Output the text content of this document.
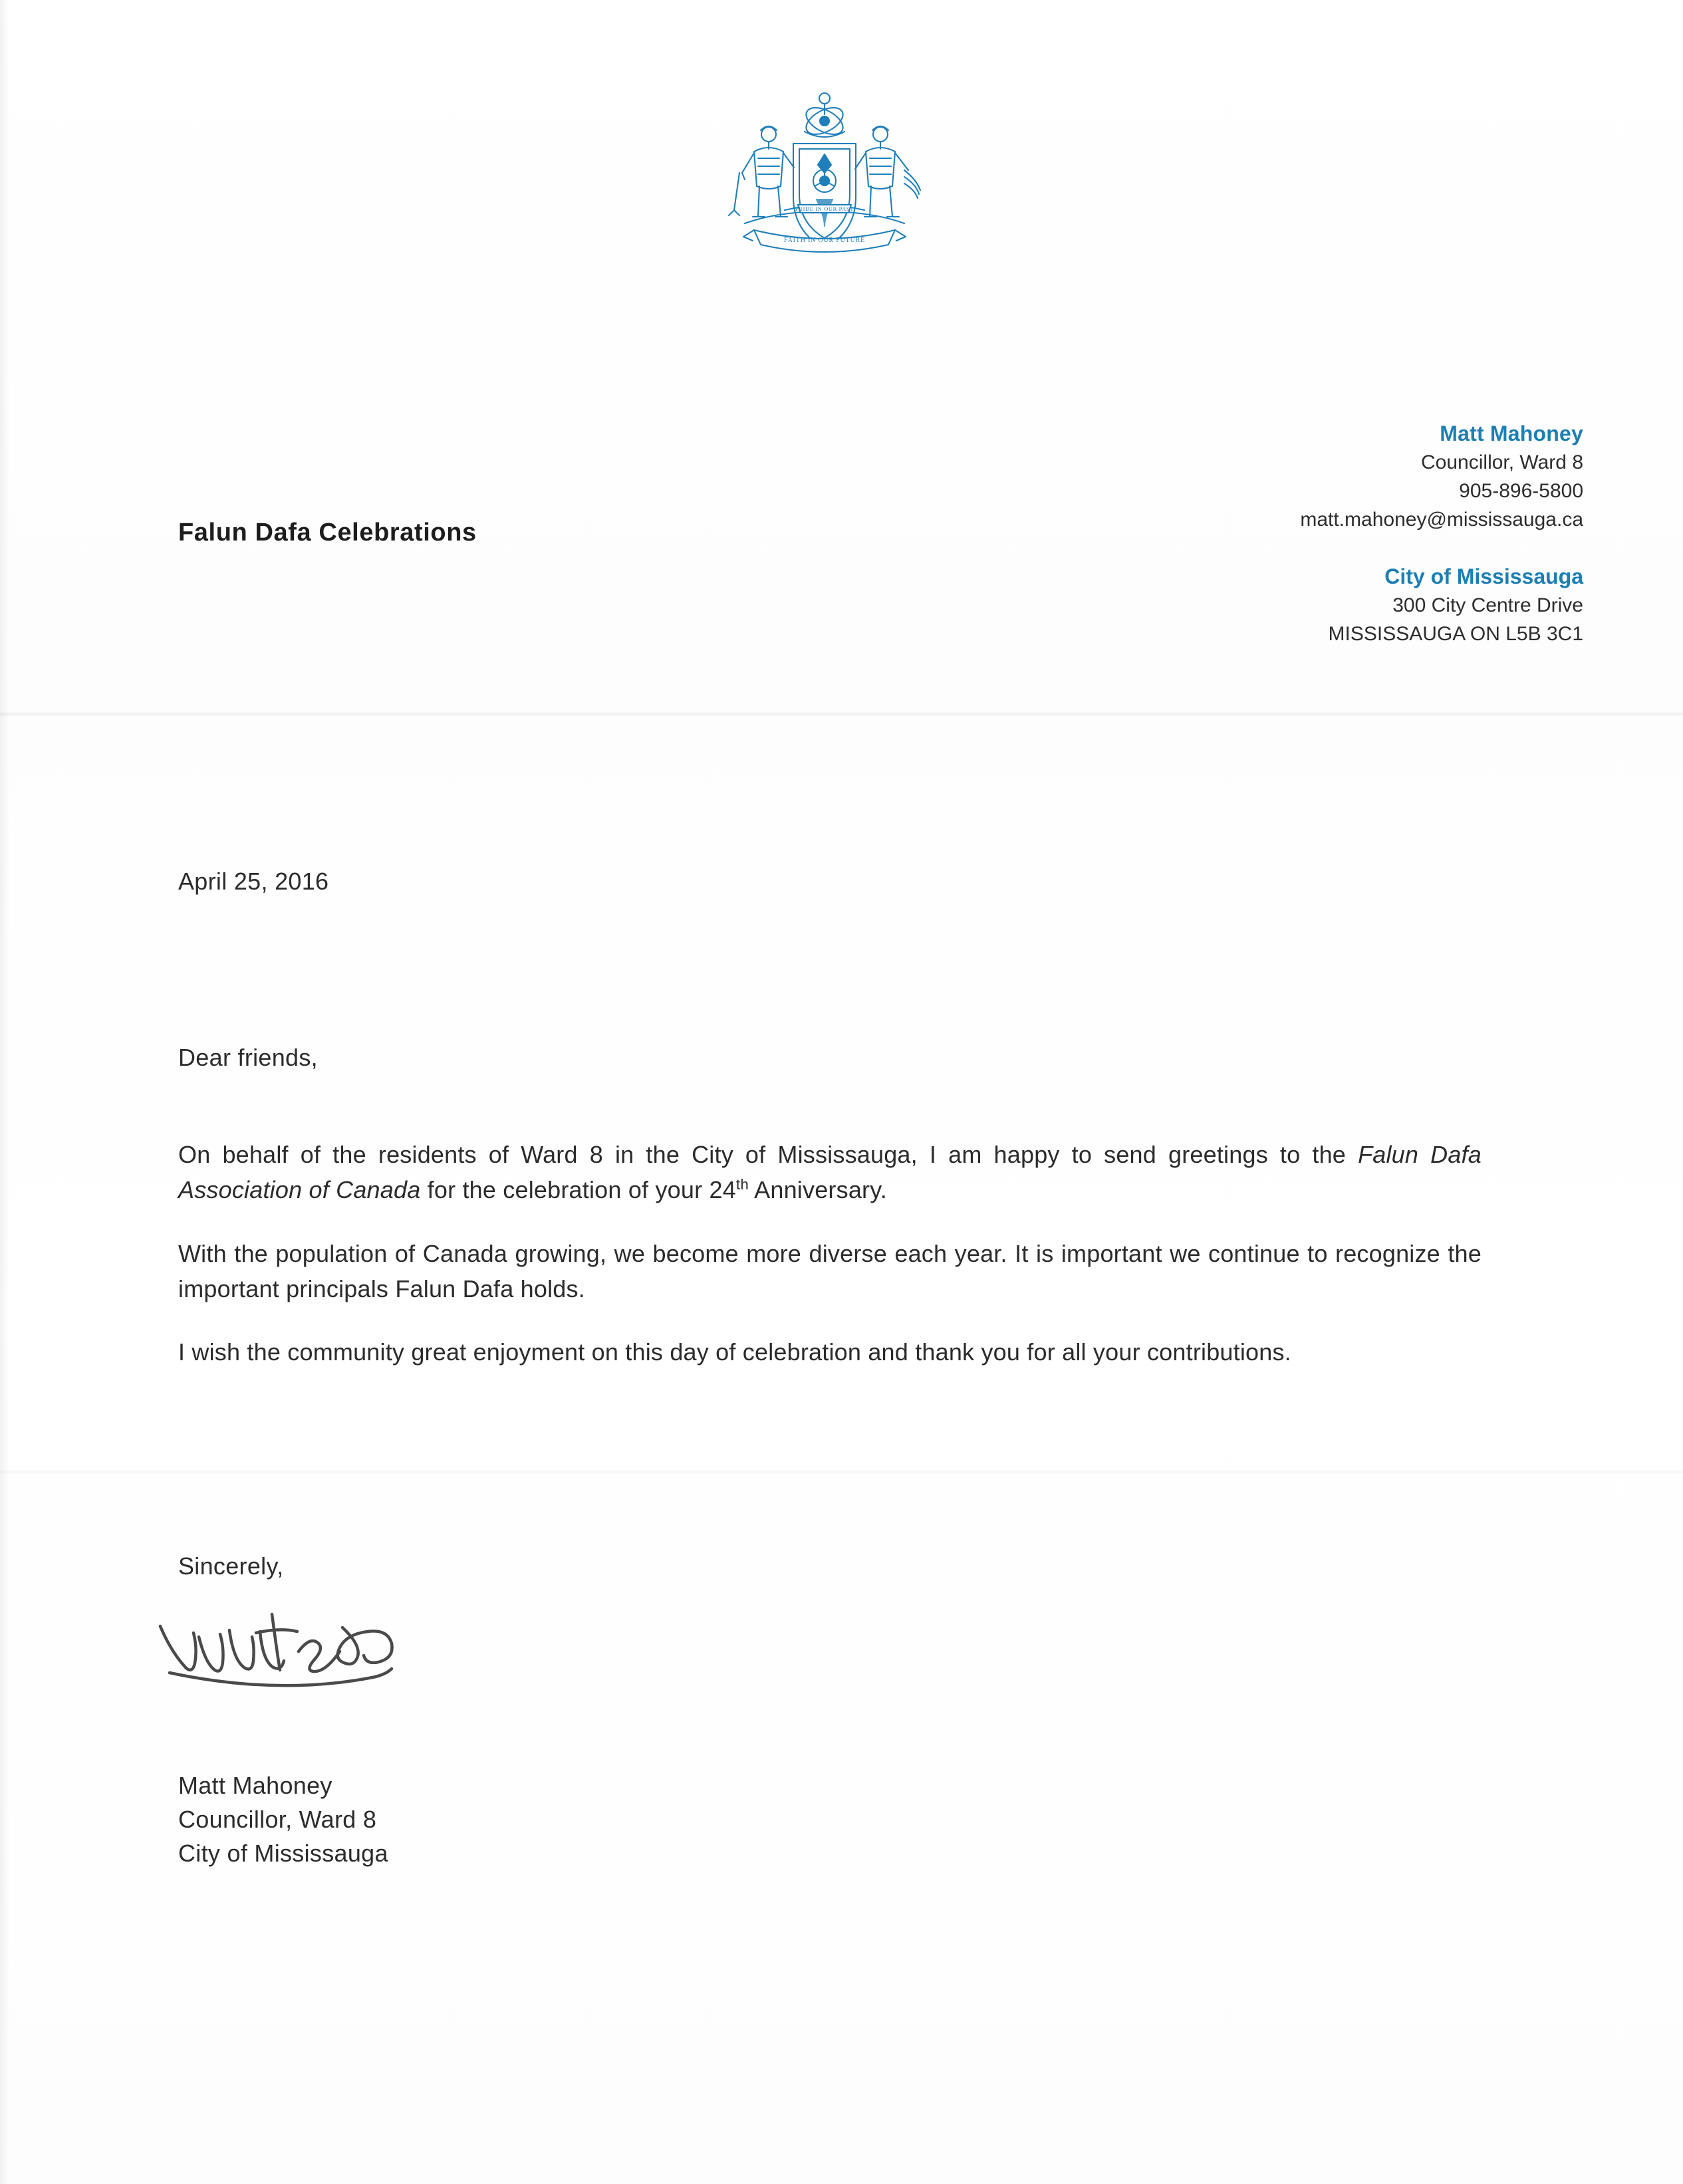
PRIDE IN OUR PAST
FAITH IN OUR FUTURE
Falun Dafa Celebrations
Matt Mahoney
Councillor, Ward 8
905-896-5800
matt.mahoney@mississauga.ca
City of Mississauga
300 City Centre Drive
MISSISSAUGA ON L5B 3C1
April 25, 2016
Dear friends,

On behalf of the residents of Ward 8 in the City of Mississauga, I am happy to send greetings to the Falun Dafa Association of Canada for the celebration of your 24th Anniversary.

With the population of Canada growing, we become more diverse each year. It is important we continue to recognize the important principals Falun Dafa holds.

I wish the community great enjoyment on this day of celebration and thank you for all your contributions.

Sincerely,
Matt Mahoney
Councillor, Ward 8
City of Mississauga
